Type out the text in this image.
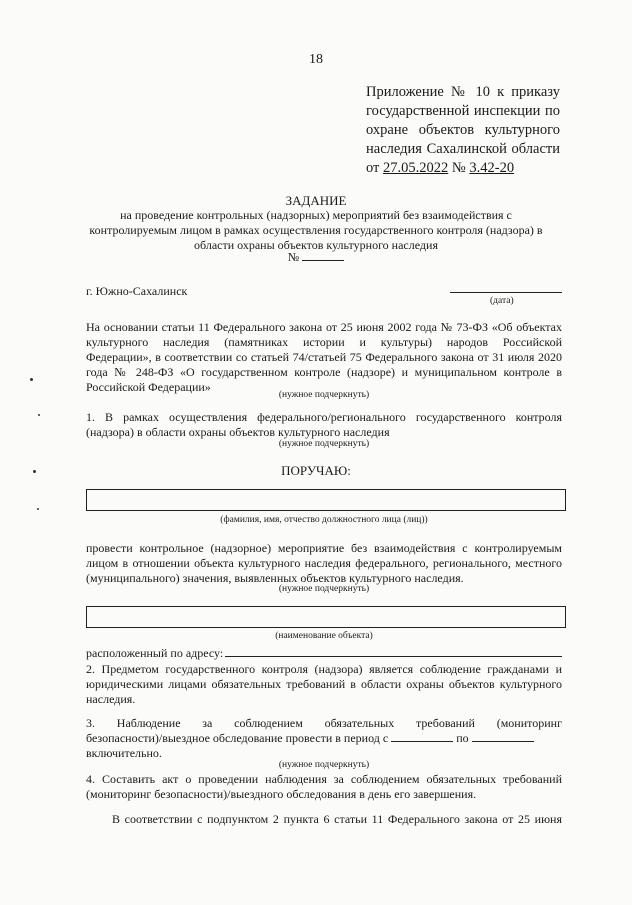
18
Приложение № 10 к приказу
государственной инспекции по
охране объектов культурного
наследия Сахалинской области
от 27.05.2022 № 3.42-20
ЗАДАНИЕ
на проведение контрольных (надзорных) мероприятий без взаимодействия с
контролируемым лицом в рамках осуществления государственного контроля (надзора) в
области охраны объектов культурного наследия
№
г. Южно-Сахалинск
(дата)
На основании статьи 11 Федерального закона от 25 июня 2002 года № 73-ФЗ «Об объектах
культурного наследия (памятниках истории и культуры) народов Российской
Федерации», в соответствии со статьей 74/статьей 75 Федерального закона от 31 июля 2020
года № 248-ФЗ «О государственном контроле (надзоре) и муниципальном контроле в
Российской Федерации»
(нужное подчеркнуть)
1. В рамках осуществления федерального/регионального государственного контроля
(надзора) в области охраны объектов культурного наследия
(нужное подчеркнуть)
ПОРУЧАЮ:
(фамилия, имя, отчество должностного лица (лиц))
провести контрольное (надзорное) мероприятие без взаимодействия с контролируемым
лицом в отношении объекта культурного наследия федерального, регионального, местного
(муниципального) значения, выявленных объектов культурного наследия.
(нужное подчеркнуть)
(наименование объекта)
расположенный по адресу:
2. Предметом государственного контроля (надзора) является соблюдение гражданами и
юридическими лицами обязательных требований в области охраны объектов культурного
наследия.
3. Наблюдение за соблюдением обязательных требований (мониторинг
безопасности)/выездное обследование провести в период с	по
включительно.
(нужное подчеркнуть)
4. Составить акт о проведении наблюдения за соблюдением обязательных требований
(мониторинг безопасности)/выездного обследования в день его завершения.
В соответствии с подпунктом 2 пункта 6 статьи 11 Федерального закона от 25 июня
